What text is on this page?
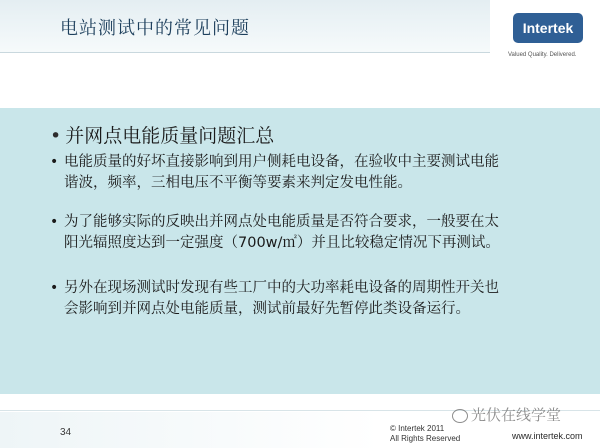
电站测试中的常见问题	Intertek
Valued Quality. Delivered.
• 并网点电能质量问题汇总
• 电能质量的好坏直接影响到用户侧耗电设备，在验收中主要测试电能谐波，频率，三相电压不平衡等要素来判定发电性能。
• 为了能够实际的反映出并网点处电能质量是否符合要求，一般要在太阳光辐照度达到一定强度（700w/㎡）并且比较稳定情况下再测试。
• 另外在现场测试时发现有些工厂中的大功率耗电设备的周期性开关也会影响到并网点处电能质量，测试前最好先暂停此类设备运行。
34	© Intertek 2011
All Rights Reserved	www.intertek.com
光伏在线学堂
